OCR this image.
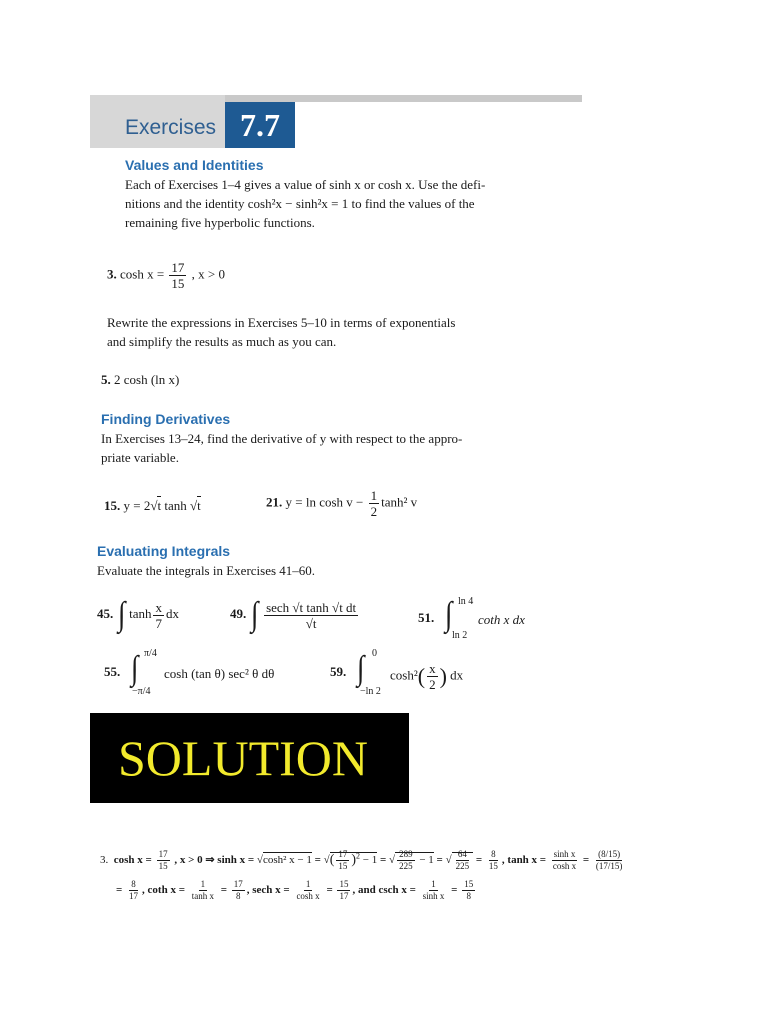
Exercises 7.7
Values and Identities
Each of Exercises 1–4 gives a value of sinh x or cosh x. Use the defi-
nitions and the identity cosh²x − sinh²x = 1 to find the values of the
remaining five hyperbolic functions.
3. $\cosh x = \frac{17}{15}$ , x > 0
Rewrite the expressions in Exercises 5–10 in terms of exponentials
and simplify the results as much as you can.
5. 2 cosh (ln x)
Finding Derivatives
In Exercises 13–24, find the derivative of y with respect to the appro-
priate variable.
15. y = 2√t tanh √t	21. $y = \ln \cosh v - \frac{1}{2} \tanh^2$ v
Evaluating Integrals
Evaluate the integrals in Exercises 41–60.
45. ∫ $\tanh \frac{x}{7}$ dx	49. ∫ $\frac{\text{sech √t tanh √t dt}}{√t}$	51. ∫ ln 4
ln 2
coth x dx
55. ∫ π/4
−π/4
cosh (tan θ) sec² θ dθ	59. ∫ 0
−ln 2
$\cosh^2( \frac{x}{2}$ ) dx
SOLUTION
3. $\cosh x = \frac{17}{15}$ , x > 0 ⇒ sinh x = √cosh² x − 1 = √( $\frac{17}{15} )^2 - 1$ = √ $\frac{289}{225} - 1$ = √ $\frac{64}{225} = \frac{8}{15}$ , $\tanh x = \frac{\text{sinh x}}{\text{cosh x}} = \frac{(8/15)}{(17/15)}$
= $\frac{8}{17}$ , coth $x = \frac{1}{\text{tanh x}} = \frac{17}{8}$ , sech $x = \frac{1}{\text{cosh x}} = \frac{15}{17}$ , and csch $x = \frac{1}{\text{sinh x}} = \frac{15}{8}$
